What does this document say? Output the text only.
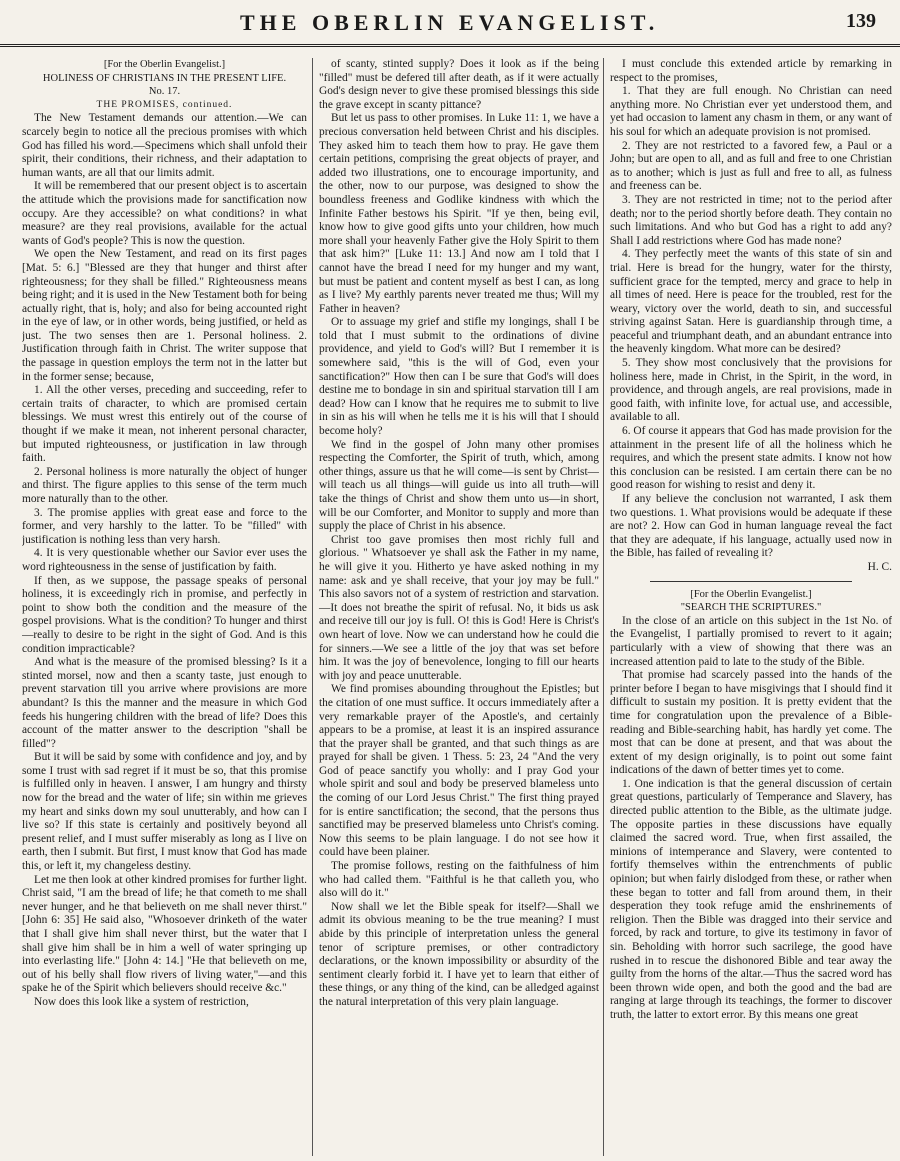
THE OBERLIN EVANGELIST.	139

[For the Oberlin Evangelist.]

HOLINESS OF CHRISTIANS IN THE PRESENT LIFE.

No. 17.

THE PROMISES, continued.

The New Testament demands our attention.—We can scarcely begin to notice all the precious promises with which God has filled his word.—Specimens which shall unfold their spirit, their conditions, their richness, and their adaptation to human wants, are all that our limits admit.

It will be remembered that our present object is to ascertain the attitude which the provisions made for sanctification now occupy. Are they accessible? on what conditions? in what measure? are they real provisions, available for the actual wants of God's people? This is now the question.

We open the New Testament, and read on its first pages [Mat. 5: 6.] "Blessed are they that hunger and thirst after righteousness; for they shall be filled." Righteousness means being right; and it is used in the New Testament both for being actually right, that is, holy; and also for being accounted right in the eye of law, or in other words, being justified, or held as just. The two senses then are 1. Personal holiness. 2. Justification through faith in Christ. The writer suppose that the passage in question employs the term not in the latter but in the former sense; because,

1. All the other verses, preceding and succeeding, refer to certain traits of character, to which are promised certain blessings. We must wrest this entirely out of the course of thought if we make it mean, not inherent personal character, but imputed righteousness, or justification in law through faith.

2. Personal holiness is more naturally the object of hunger and thirst. The figure applies to this sense of the term much more naturally than to the other.

3. The promise applies with great ease and force to the former, and very harshly to the latter. To be "filled" with justification is nothing less than very harsh.

4. It is very questionable whether our Savior ever uses the word righteousness in the sense of justification by faith.

If then, as we suppose, the passage speaks of personal holiness, it is exceedingly rich in promise, and perfectly in point to show both the condition and the measure of the gospel provisions. What is the condition? To hunger and thirst—really to desire to be right in the sight of God. And is this condition impracticable?

And what is the measure of the promised blessing? Is it a stinted morsel, now and then a scanty taste, just enough to prevent starvation till you arrive where provisions are more abundant? Is this the manner and the measure in which God feeds his hungering children with the bread of life? Does this account of the matter answer to the description "shall be filled"?

But it will be said by some with confidence and joy, and by some I trust with sad regret if it must be so, that this promise is fulfilled only in heaven. I answer, I am hungry and thirsty now for the bread and the water of life; sin within me grieves my heart and sinks down my soul unutterably, and how can I live so? If this state is certainly and positively beyond all present relief, and I must suffer miserably as long as I live on earth, then I submit. But first, I must know that God has made this, or left it, my changeless destiny.

Let me then look at other kindred promises for further light. Christ said, "I am the bread of life; he that cometh to me shall never hunger, and he that believeth on me shall never thirst." [John 6: 35] He said also, "Whosoever drinketh of the water that I shall give him shall never thirst, but the water that I shall give him shall be in him a well of water springing up into everlasting life." [John 4: 14.] "He that believeth on me, out of his belly shall flow rivers of living water,"—and this spake he of the Spirit which believers should receive &c."

Now does this look like a system of restriction,

of scanty, stinted supply? Does it look as if the being "filled" must be defered till after death, as if it were actually God's design never to give these promised blessings this side the grave except in scanty pittance?

But let us pass to other promises. In Luke 11: 1, we have a precious conversation held between Christ and his disciples. They asked him to teach them how to pray. He gave them certain petitions, comprising the great objects of prayer, and added two illustrations, one to encourage importunity, and the other, now to our purpose, was designed to show the boundless freeness and Godlike kindness with which the Infinite Father bestows his Spirit. "If ye then, being evil, know how to give good gifts unto your children, how much more shall your heavenly Father give the Holy Spirit to them that ask him?" [Luke 11: 13.] And now am I told that I cannot have the bread I need for my hunger and my want, but must be patient and content myself as best I can, as long as I live? My earthly parents never treated me thus; Will my Father in heaven?

Or to assuage my grief and stifle my longings, shall I be told that I must submit to the ordinations of divine providence, and yield to God's will? But I remember it is somewhere said, "this is the will of God, even your sanctification?" How then can I be sure that God's will does destine me to bondage in sin and spiritual starvation till I am dead? How can I know that he requires me to submit to live in sin as his will when he tells me it is his will that I should become holy?

We find in the gospel of John many other promises respecting the Comforter, the Spirit of truth, which, among other things, assure us that he will come—is sent by Christ—will teach us all things—will guide us into all truth—will take the things of Christ and show them unto us—in short, will be our Comforter, and Monitor to supply and more than supply the place of Christ in his absence.

Christ too gave promises then most richly full and glorious. " Whatsoever ye shall ask the Father in my name, he will give it you. Hitherto ye have asked nothing in my name: ask and ye shall receive, that your joy may be full." This also savors not of a system of restriction and starvation.—It does not breathe the spirit of refusal. No, it bids us ask and receive till our joy is full. O! this is God! Here is Christ's own heart of love. Now we can understand how he could die for sinners.—We see a little of the joy that was set before him. It was the joy of benevolence, longing to fill our hearts with joy and peace unutterable.

We find promises abounding throughout the Epistles; but the citation of one must suffice. It occurs immediately after a very remarkable prayer of the Apostle's, and certainly appears to be a promise, at least it is an inspired assurance that the prayer shall be granted, and that such things as are prayed for shall be given. 1 Thess. 5: 23, 24 "And the very God of peace sanctify you wholly: and I pray God your whole spirit and soul and body be preserved blameless unto the coming of our Lord Jesus Christ." The first thing prayed for is entire sanctification; the second, that the persons thus sanctified may be preserved blameless unto Christ's coming. Now this seems to be plain language. I do not see how it could have been plainer.

The promise follows, resting on the faithfulness of him who had called them. "Faithful is he that calleth you, who also will do it."

Now shall we let the Bible speak for itself?—Shall we admit its obvious meaning to be the true meaning? I must abide by this principle of interpretation unless the general tenor of scripture premises, or other contradictory declarations, or the known impossibility or absurdity of the sentiment clearly forbid it. I have yet to learn that either of these things, or any thing of the kind, can be alledged against the natural interpretation of this very plain language.

I must conclude this extended article by remarking in respect to the promises,

1. That they are full enough. No Christian can need anything more. No Christian ever yet understood them, and yet had occasion to lament any chasm in them, or any want of his soul for which an adequate provision is not promised.

2. They are not restricted to a favored few, a Paul or a John; but are open to all, and as full and free to one Christian as to another; which is just as full and free to all, as fulness and freeness can be.

3. They are not restricted in time; not to the period after death; nor to the period shortly before death. They contain no such limitations. And who but God has a right to add any? Shall I add restrictions where God has made none?

4. They perfectly meet the wants of this state of sin and trial. Here is bread for the hungry, water for the thirsty, sufficient grace for the tempted, mercy and grace to help in all times of need. Here is peace for the troubled, rest for the weary, victory over the world, death to sin, and successful striving against Satan. Here is guardianship through time, a peaceful and triumphant death, and an abundant entrance into the heavenly kingdom. What more can be desired?

5. They show most conclusively that the provisions for holiness here, made in Christ, in the Spirit, in the word, in providence, and through angels, are real provisions, made in good faith, with infinite love, for actual use, and accessible, available to all.

6. Of course it appears that God has made provision for the attainment in the present life of all the holiness which he requires, and which the present state admits. I know not how this conclusion can be resisted. I am certain there can be no good reason for wishing to resist and deny it.

If any believe the conclusion not warranted, I ask them two questions. 1. What provisions would be adequate if these are not? 2. How can God in human language reveal the fact that they are adequate, if his language, actually used now in the Bible, has failed of revealing it?

H. C.

[For the Oberlin Evangelist.]

"SEARCH THE SCRIPTURES."

In the close of an article on this subject in the 1st No. of the Evangelist, I partially promised to revert to it again; particularly with a view of showing that there was an increased attention paid to late to the study of the Bible.

That promise had scarcely passed into the hands of the printer before I began to have misgivings that I should find it difficult to sustain my position. It is pretty evident that the time for congratulation upon the prevalence of a Bible-reading and Bible-searching habit, has hardly yet come. The most that can be done at present, and that was about the extent of my design originally, is to point out some faint indications of the dawn of better times yet to come.

1. One indication is that the general discussion of certain great questions, particularly of Temperance and Slavery, has directed public attention to the Bible, as the ultimate judge. The opposite parties in these discussions have equally claimed the sacred word. True, when first assailed, the minions of intemperance and Slavery, were contented to fortify themselves within the entrenchments of public opinion; but when fairly dislodged from these, or rather when these began to totter and fall from around them, in their desperation they took refuge amid the enshrinements of religion. Then the Bible was dragged into their service and forced, by rack and torture, to give its testimony in favor of sin. Beholding with horror such sacrilege, the good have rushed in to rescue the dishonored Bible and tear away the guilty from the horns of the altar.—Thus the sacred word has been thrown wide open, and both the good and the bad are ranging at large through its teachings, the former to discover truth, the latter to extort error. By this means one great
